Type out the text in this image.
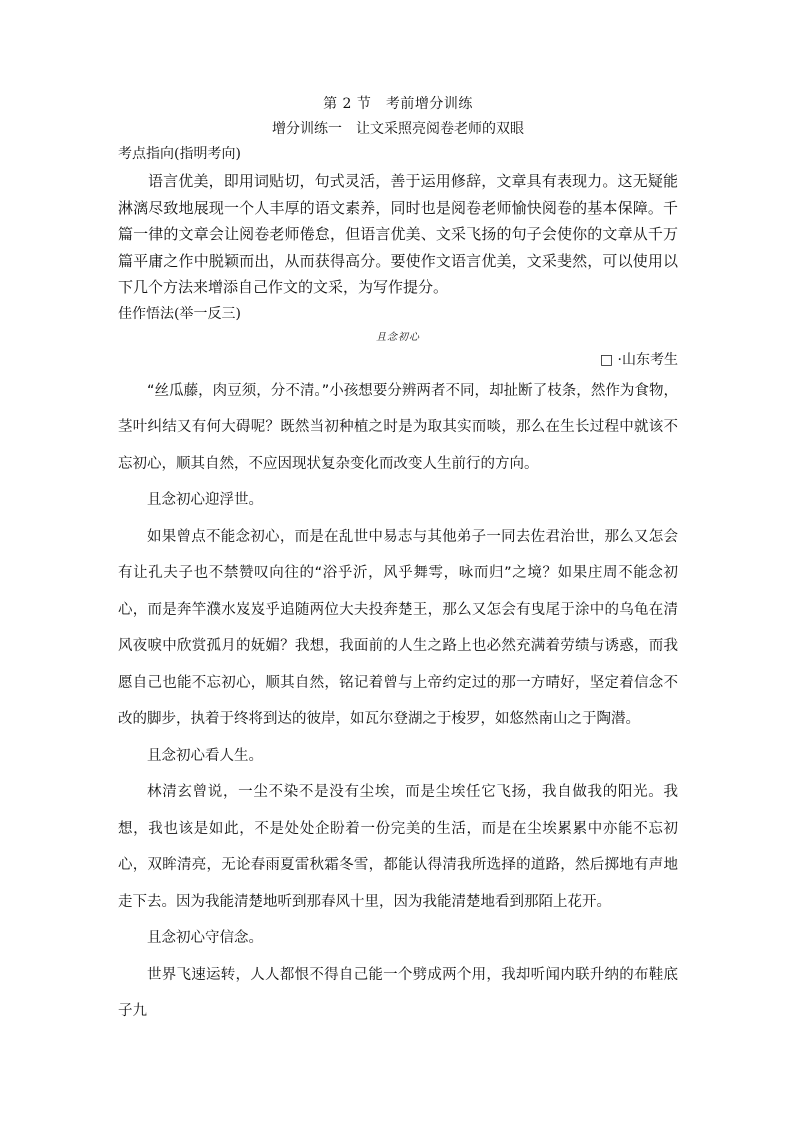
第 2 节　考前增分训练

增分训练一　让文采照亮阅卷老师的双眼

考点指向(指明考向)

语言优美，即用词贴切，句式灵活，善于运用修辞，文章具有表现力。这无疑能淋漓尽致地展现一个人丰厚的语文素养，同时也是阅卷老师愉快阅卷的基本保障。千篇一律的文章会让阅卷老师倦怠，但语言优美、文采飞扬的句子会使你的文章从千万篇平庸之作中脱颖而出，从而获得高分。要使作文语言优美，文采斐然，可以使用以下几个方法来增添自己作文的文采，为写作提分。

佳作悟法(举一反三)

且念初心

□ ·山东考生

“丝瓜藤，肉豆须，分不清。”小孩想要分辨两者不同，却扯断了枝条，然作为食物，茎叶纠结又有何大碍呢？既然当初种植之时是为取其实而啖，那么在生长过程中就该不忘初心，顺其自然，不应因现状复杂变化而改变人生前行的方向。

且念初心迎浮世。

如果曾点不能念初心，而是在乱世中易志与其他弟子一同去佐君治世，那么又怎会有让孔夫子也不禁赞叹向往的“浴乎沂，风乎舞雩，咏而归”之境？如果庄周不能念初心，而是奔竿濮水岌岌乎追随两位大夫投奔楚王，那么又怎会有曳尾于涂中的乌龟在清风夜唳中欣赏孤月的妩媚？我想，我面前的人生之路上也必然充满着劳绩与诱惑，而我愿自己也能不忘初心，顺其自然，铭记着曾与上帝约定过的那一方晴好，坚定着信念不改的脚步，执着于终将到达的彼岸，如瓦尔登湖之于梭罗，如悠然南山之于陶潜。

且念初心看人生。

林清玄曾说，一尘不染不是没有尘埃，而是尘埃任它飞扬，我自做我的阳光。我想，我也该是如此，不是处处企盼着一份完美的生活，而是在尘埃累累中亦能不忘初心，双眸清亮，无论春雨夏雷秋霜冬雪，都能认得清我所选择的道路，然后掷地有声地走下去。因为我能清楚地听到那春风十里，因为我能清楚地看到那陌上花开。

且念初心守信念。

世界飞速运转，人人都恨不得自己能一个劈成两个用，我却听闻内联升纳的布鞋底子九
